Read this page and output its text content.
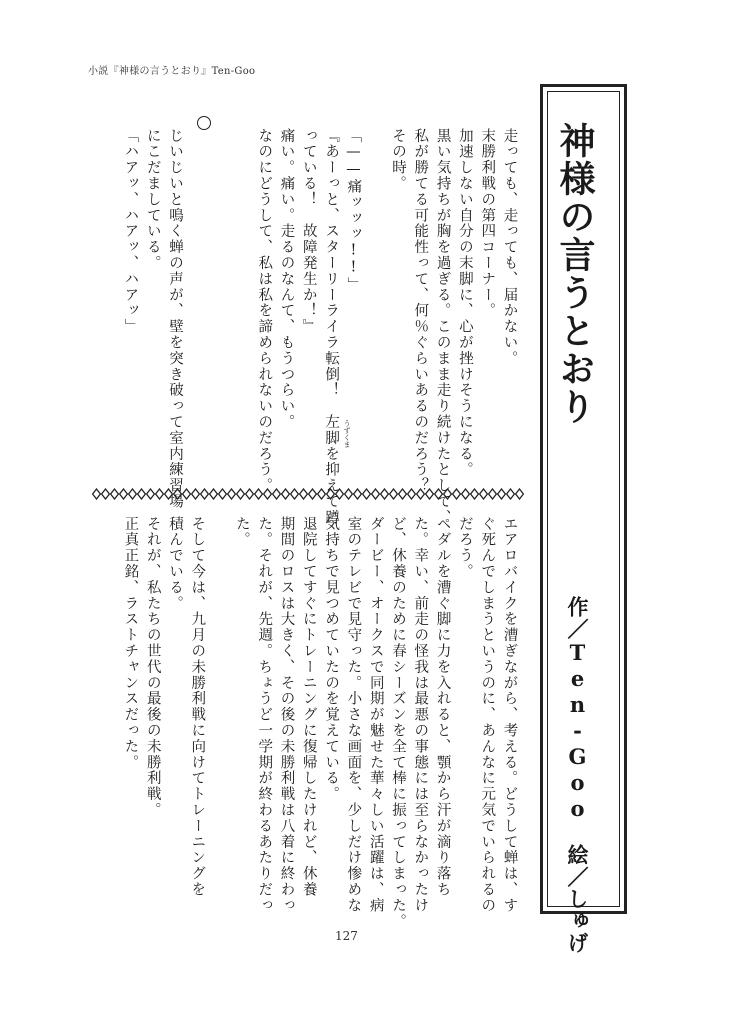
小説『神様の言うとおり』Ten-Goo
神様の言うとおり
作／Ten-Goo　絵／しゅげ
走っても、走っても、届かない。
末勝利戦の第四コーナー。
加速しない自分の末脚に、心が挫けそうになる。
黒い気持ちが胸を過ぎる。このまま走り続けたとして、
私が勝てる可能性って、何％ぐらいあるのだろう？
その時。
「——痛ッッッ!!」
『あーっと、スターリーライラ転倒！　左脚を抑えて蹲
っている！　故障発生か！』
痛い。痛い。走るのなんて、もうつらい。
なのにどうして、私は私を諦められないのだろう。
じいじいと鳴く蝉の声が、壁を突き破って室内練習場
にこだましている。
「ハアッ、ハアッ、ハアッ」
うずくま
エアロバイクを漕ぎながら、考える。どうして蝉は、す
ぐ死んでしまうというのに、あんなに元気でいられるの
だろう。
ペダルを漕ぐ脚に力を入れると、顎から汗が滴り落ち
た。幸い、前走の怪我は最悪の事態には至らなかったけ
ど、休養のために春シーズンを全て棒に振ってしまった。
ダービー、オークスで同期が魅せた華々しい活躍は、病
室のテレビで見守った。小さな画面を、少しだけ惨めな
気持ちで見つめていたのを覚えている。
退院してすぐにトレーニングに復帰したけれど、休養
期間のロスは大きく、その後の未勝利戦は八着に終わっ
た。それが、先週。ちょうど一学期が終わるあたりだっ
た。
そして今は、九月の未勝利戦に向けてトレーニングを
積んでいる。
それが、私たちの世代の最後の未勝利戦。
正真正銘、ラストチャンスだった。
127
